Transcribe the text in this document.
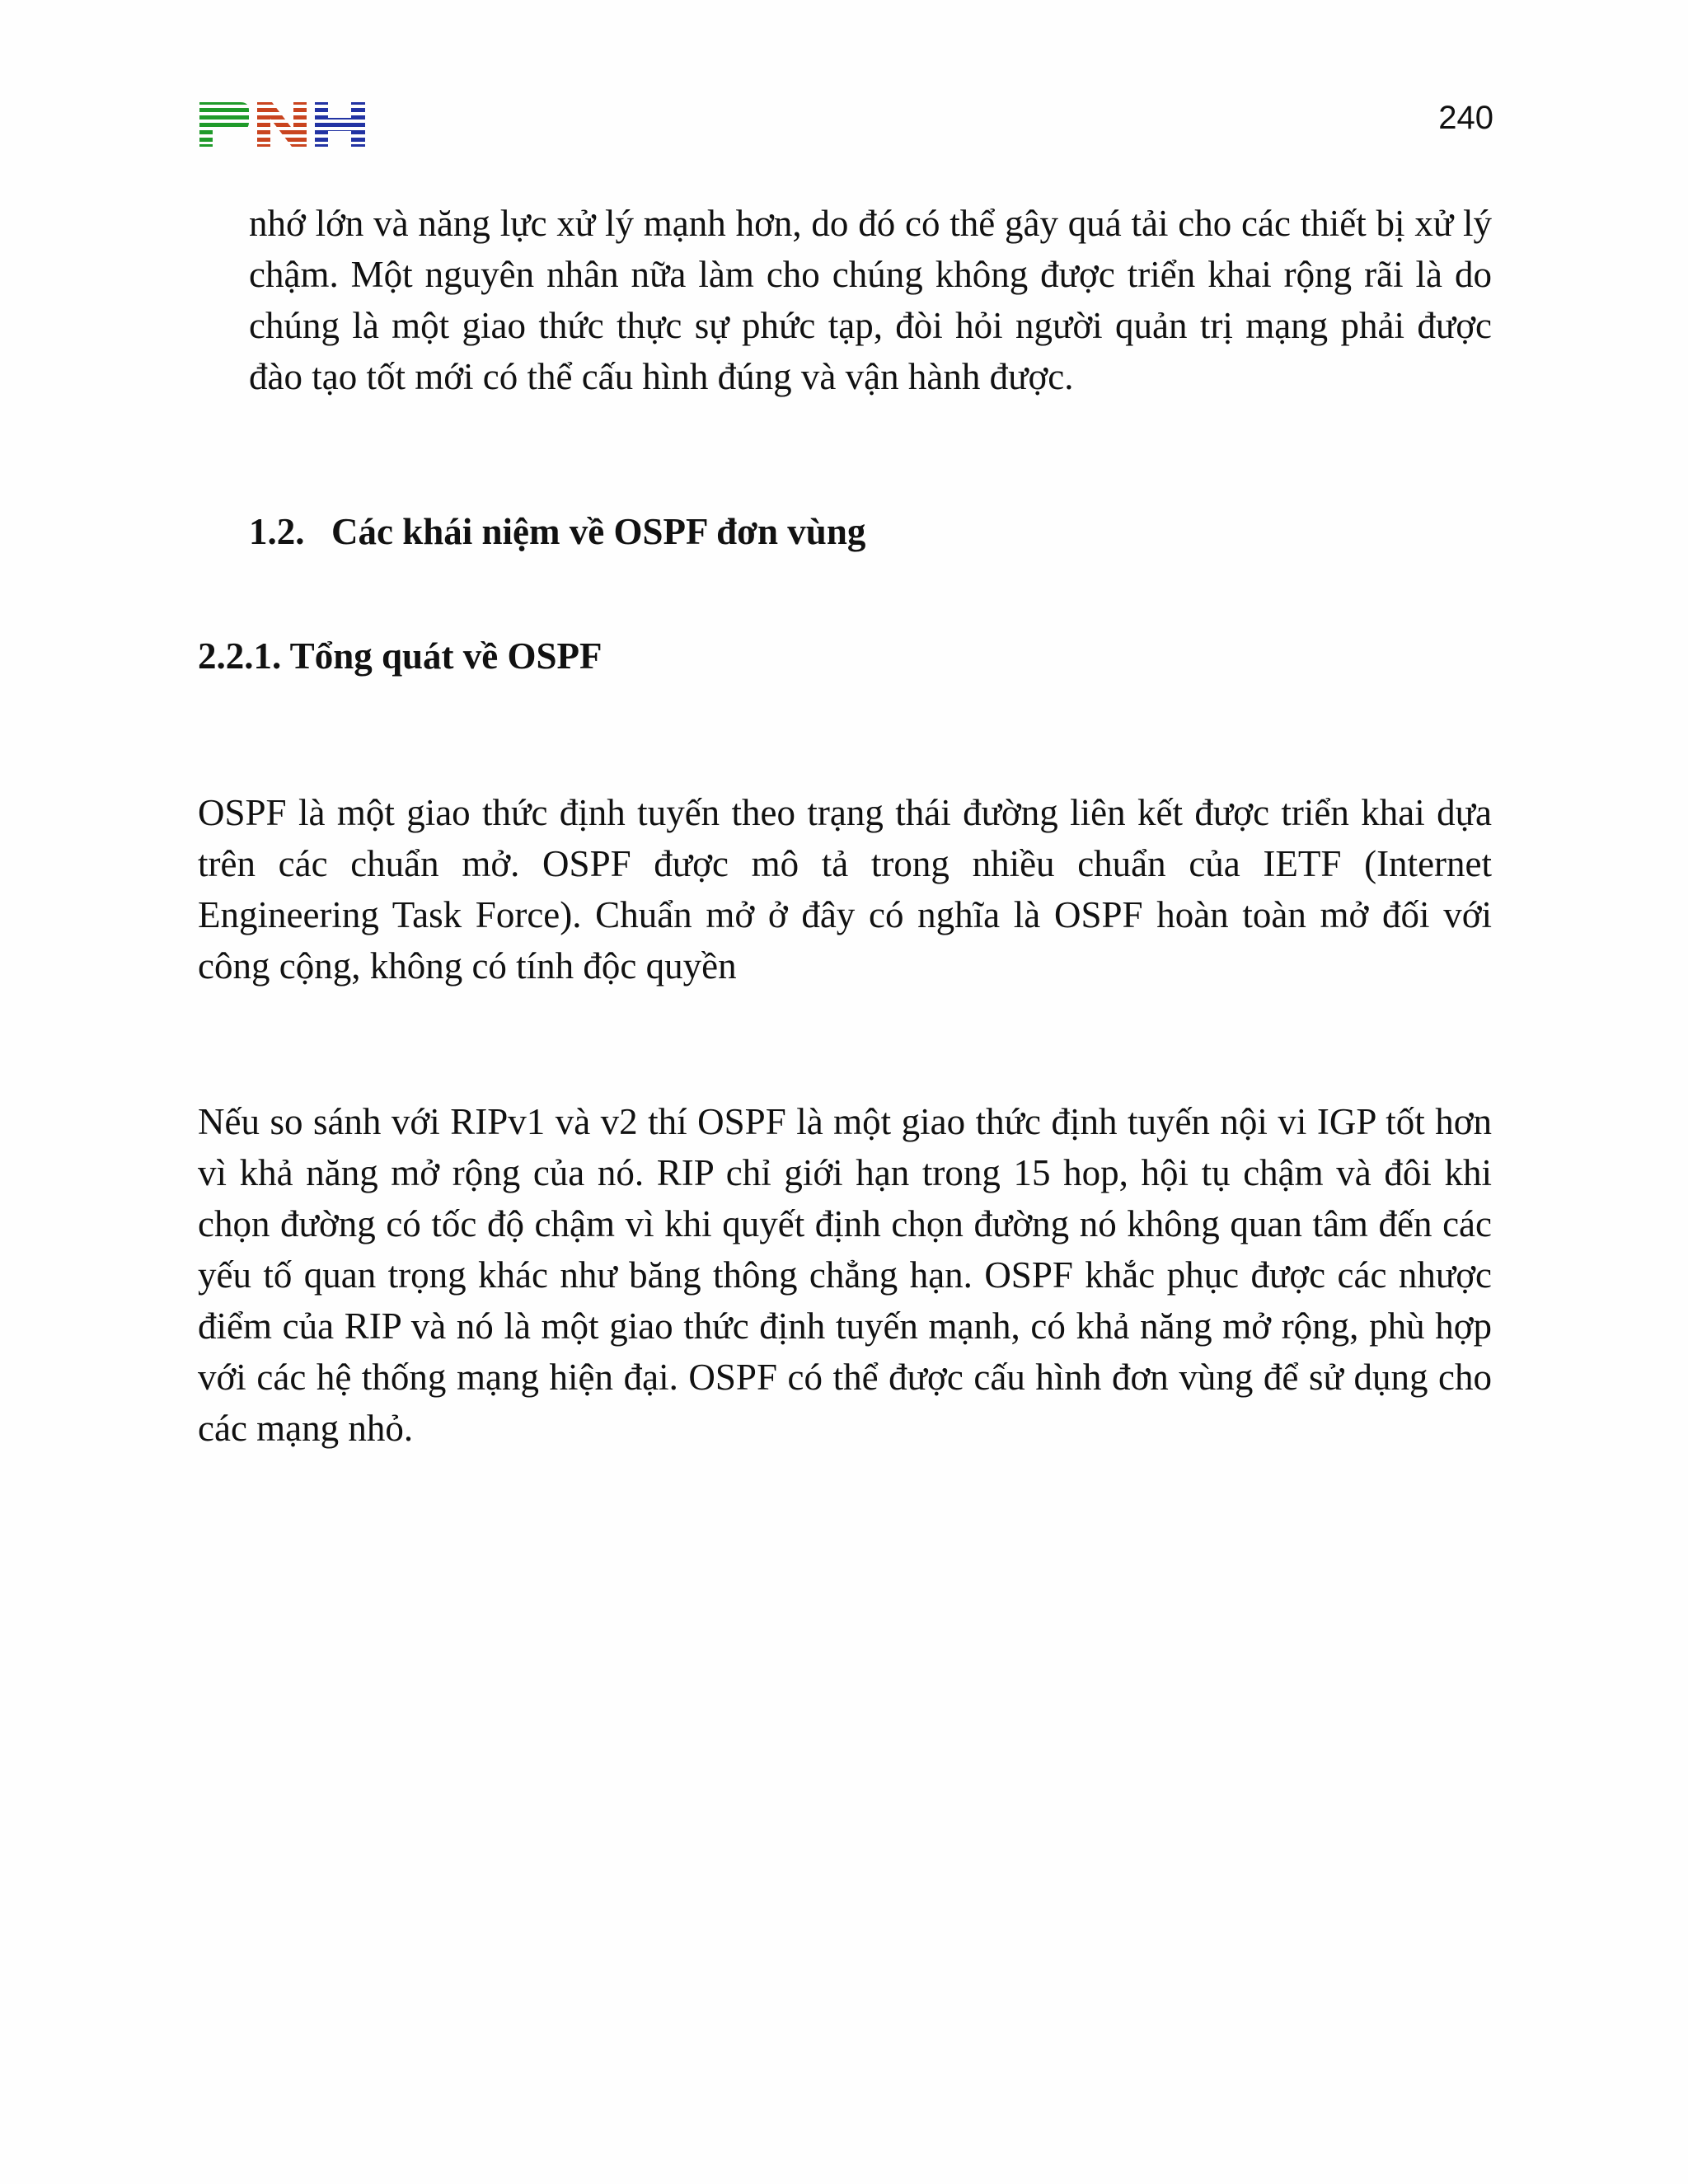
240

nhớ lớn và năng lực xử lý mạnh hơn, do đó có thể gây quá tải cho các thiết bị xử lý chậm. Một nguyên nhân nữa làm cho chúng không được triển khai rộng rãi là do chúng là một giao thức thực sự phức tạp, đòi hỏi người quản trị mạng phải được đào tạo tốt mới có thể cấu hình đúng và vận hành được.

1.2. Các khái niệm về OSPF đơn vùng
2.2.1. Tổng quát về OSPF

OSPF là một giao thức định tuyến theo trạng thái đường liên kết được triển khai dựa trên các chuẩn mở. OSPF được mô tả trong nhiều chuẩn của IETF (Internet Engineering Task Force). Chuẩn mở ở đây có nghĩa là OSPF hoàn toàn mở đối với công cộng, không có tính độc quyền

Nếu so sánh với RIPv1 và v2 thí OSPF là một giao thức định tuyến nội vi IGP tốt hơn vì khả năng mở rộng của nó. RIP chỉ giới hạn trong 15 hop, hội tụ chậm và đôi khi chọn đường có tốc độ chậm vì khi quyết định chọn đường nó không quan tâm đến các yếu tố quan trọng khác như băng thông chẳng hạn. OSPF khắc phục được các nhược điểm của RIP và nó là một giao thức định tuyến mạnh, có khả năng mở rộng, phù hợp với các hệ thống mạng hiện đại. OSPF có thể được cấu hình đơn vùng để sử dụng cho các mạng nhỏ.
